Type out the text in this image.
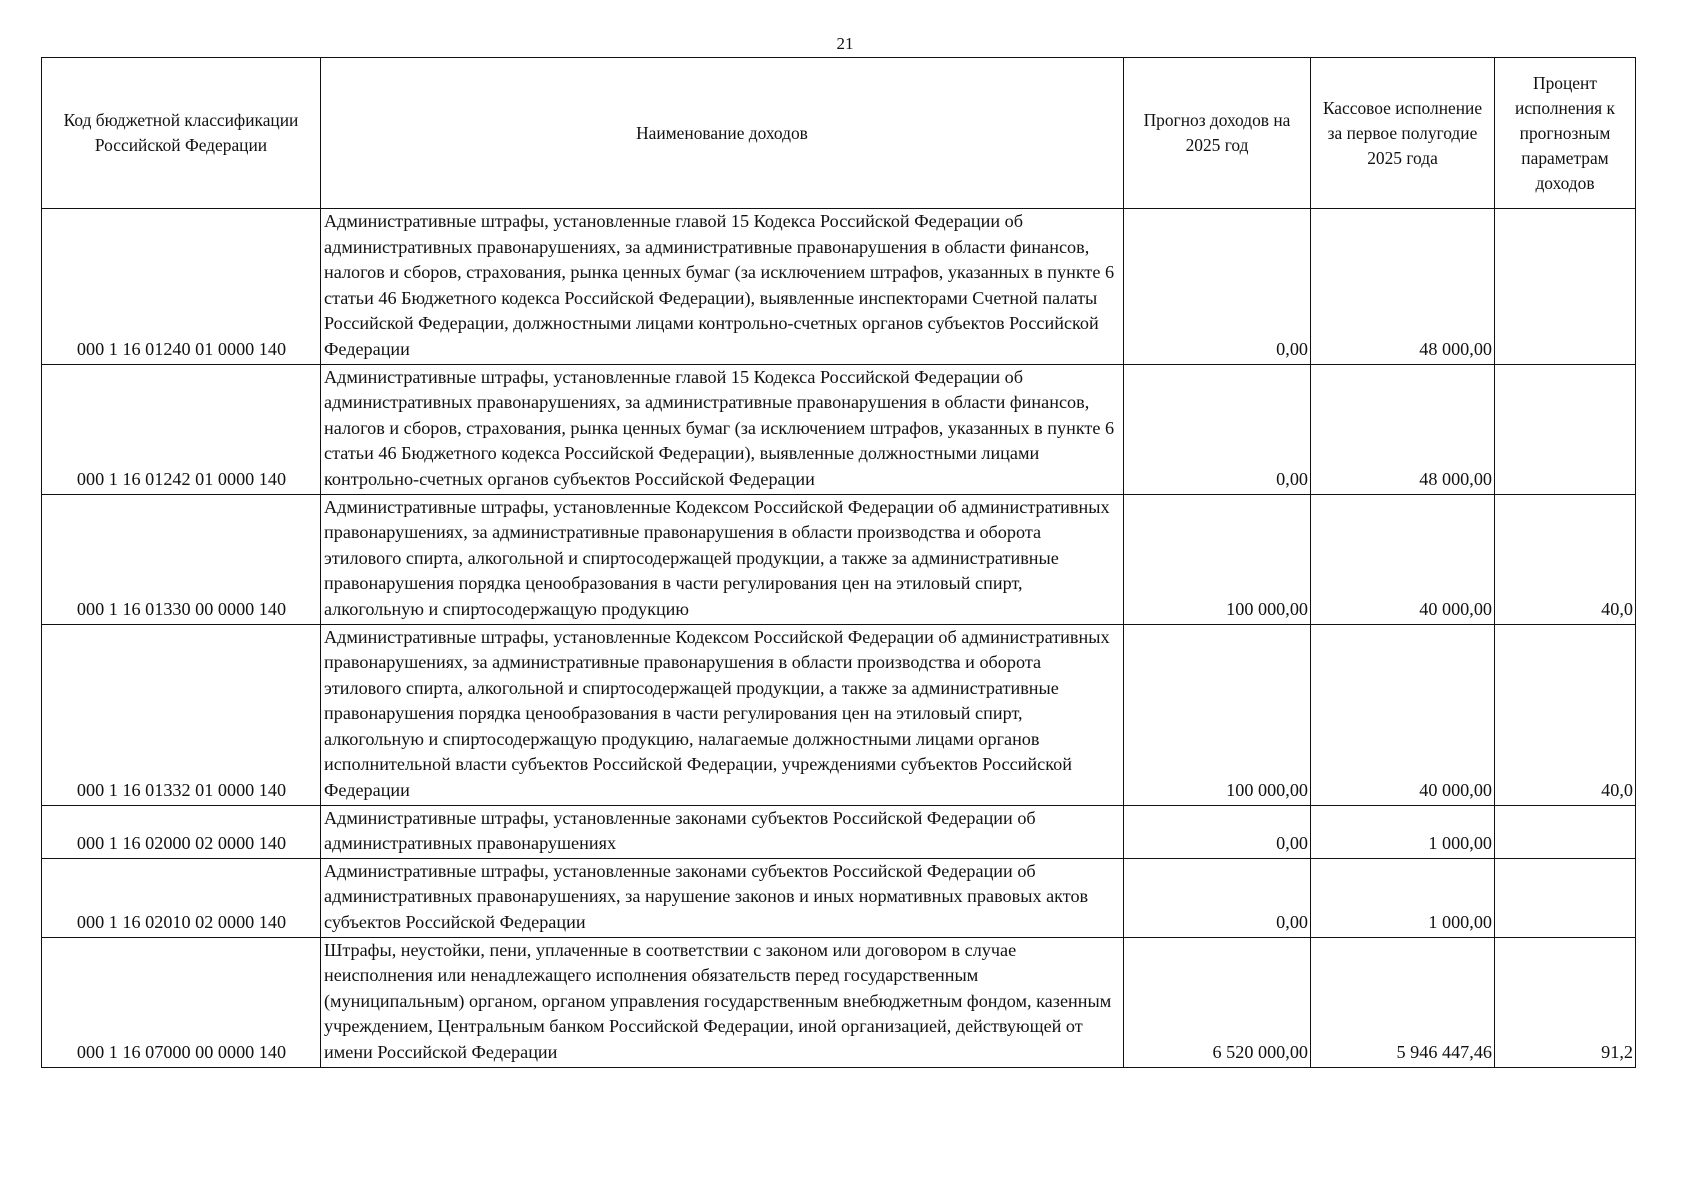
21
Код бюджетной классификации Российской Федерации	Наименование доходов	Прогноз доходов на 2025 год	Кассовое исполнение за первое полугодие 2025 года	Процент исполнения к прогнозным параметрам доходов
000 1 16 01240 01 0000 140	Административные штрафы, установленные главой 15 Кодекса Российской Федерации об административных правонарушениях, за административные правонарушения в области финансов, налогов и сборов, страхования, рынка ценных бумаг (за исключением штрафов, указанных в пункте 6 статьи 46 Бюджетного кодекса Российской Федерации), выявленные инспекторами Счетной палаты Российской Федерации, должностными лицами контрольно-счетных органов субъектов Российской Федерации	0,00	48 000,00	
000 1 16 01242 01 0000 140	Административные штрафы, установленные главой 15 Кодекса Российской Федерации об административных правонарушениях, за административные правонарушения в области финансов, налогов и сборов, страхования, рынка ценных бумаг (за исключением штрафов, указанных в пункте 6 статьи 46 Бюджетного кодекса Российской Федерации), выявленные должностными лицами контрольно-счетных органов субъектов Российской Федерации	0,00	48 000,00	
000 1 16 01330 00 0000 140	Административные штрафы, установленные Кодексом Российской Федерации об административных правонарушениях, за административные правонарушения в области производства и оборота этилового спирта, алкогольной и спиртосодержащей продукции, а также за административные правонарушения порядка ценообразования в части регулирования цен на этиловый спирт, алкогольную и спиртосодержащую продукцию	100 000,00	40 000,00	40,0
000 1 16 01332 01 0000 140	Административные штрафы, установленные Кодексом Российской Федерации об административных правонарушениях, за административные правонарушения в области производства и оборота этилового спирта, алкогольной и спиртосодержащей продукции, а также за административные правонарушения порядка ценообразования в части регулирования цен на этиловый спирт, алкогольную и спиртосодержащую продукцию, налагаемые должностными лицами органов исполнительной власти субъектов Российской Федерации, учреждениями субъектов Российской Федерации	100 000,00	40 000,00	40,0
000 1 16 02000 02 0000 140	Административные штрафы, установленные законами субъектов Российской Федерации об административных правонарушениях	0,00	1 000,00	
000 1 16 02010 02 0000 140	Административные штрафы, установленные законами субъектов Российской Федерации об административных правонарушениях, за нарушение законов и иных нормативных правовых актов субъектов Российской Федерации	0,00	1 000,00	
000 1 16 07000 00 0000 140	Штрафы, неустойки, пени, уплаченные в соответствии с законом или договором в случае неисполнения или ненадлежащего исполнения обязательств перед государственным (муниципальным) органом, органом управления государственным внебюджетным фондом, казенным учреждением, Центральным банком Российской Федерации, иной организацией, действующей от имени Российской Федерации	6 520 000,00	5 946 447,46	91,2
